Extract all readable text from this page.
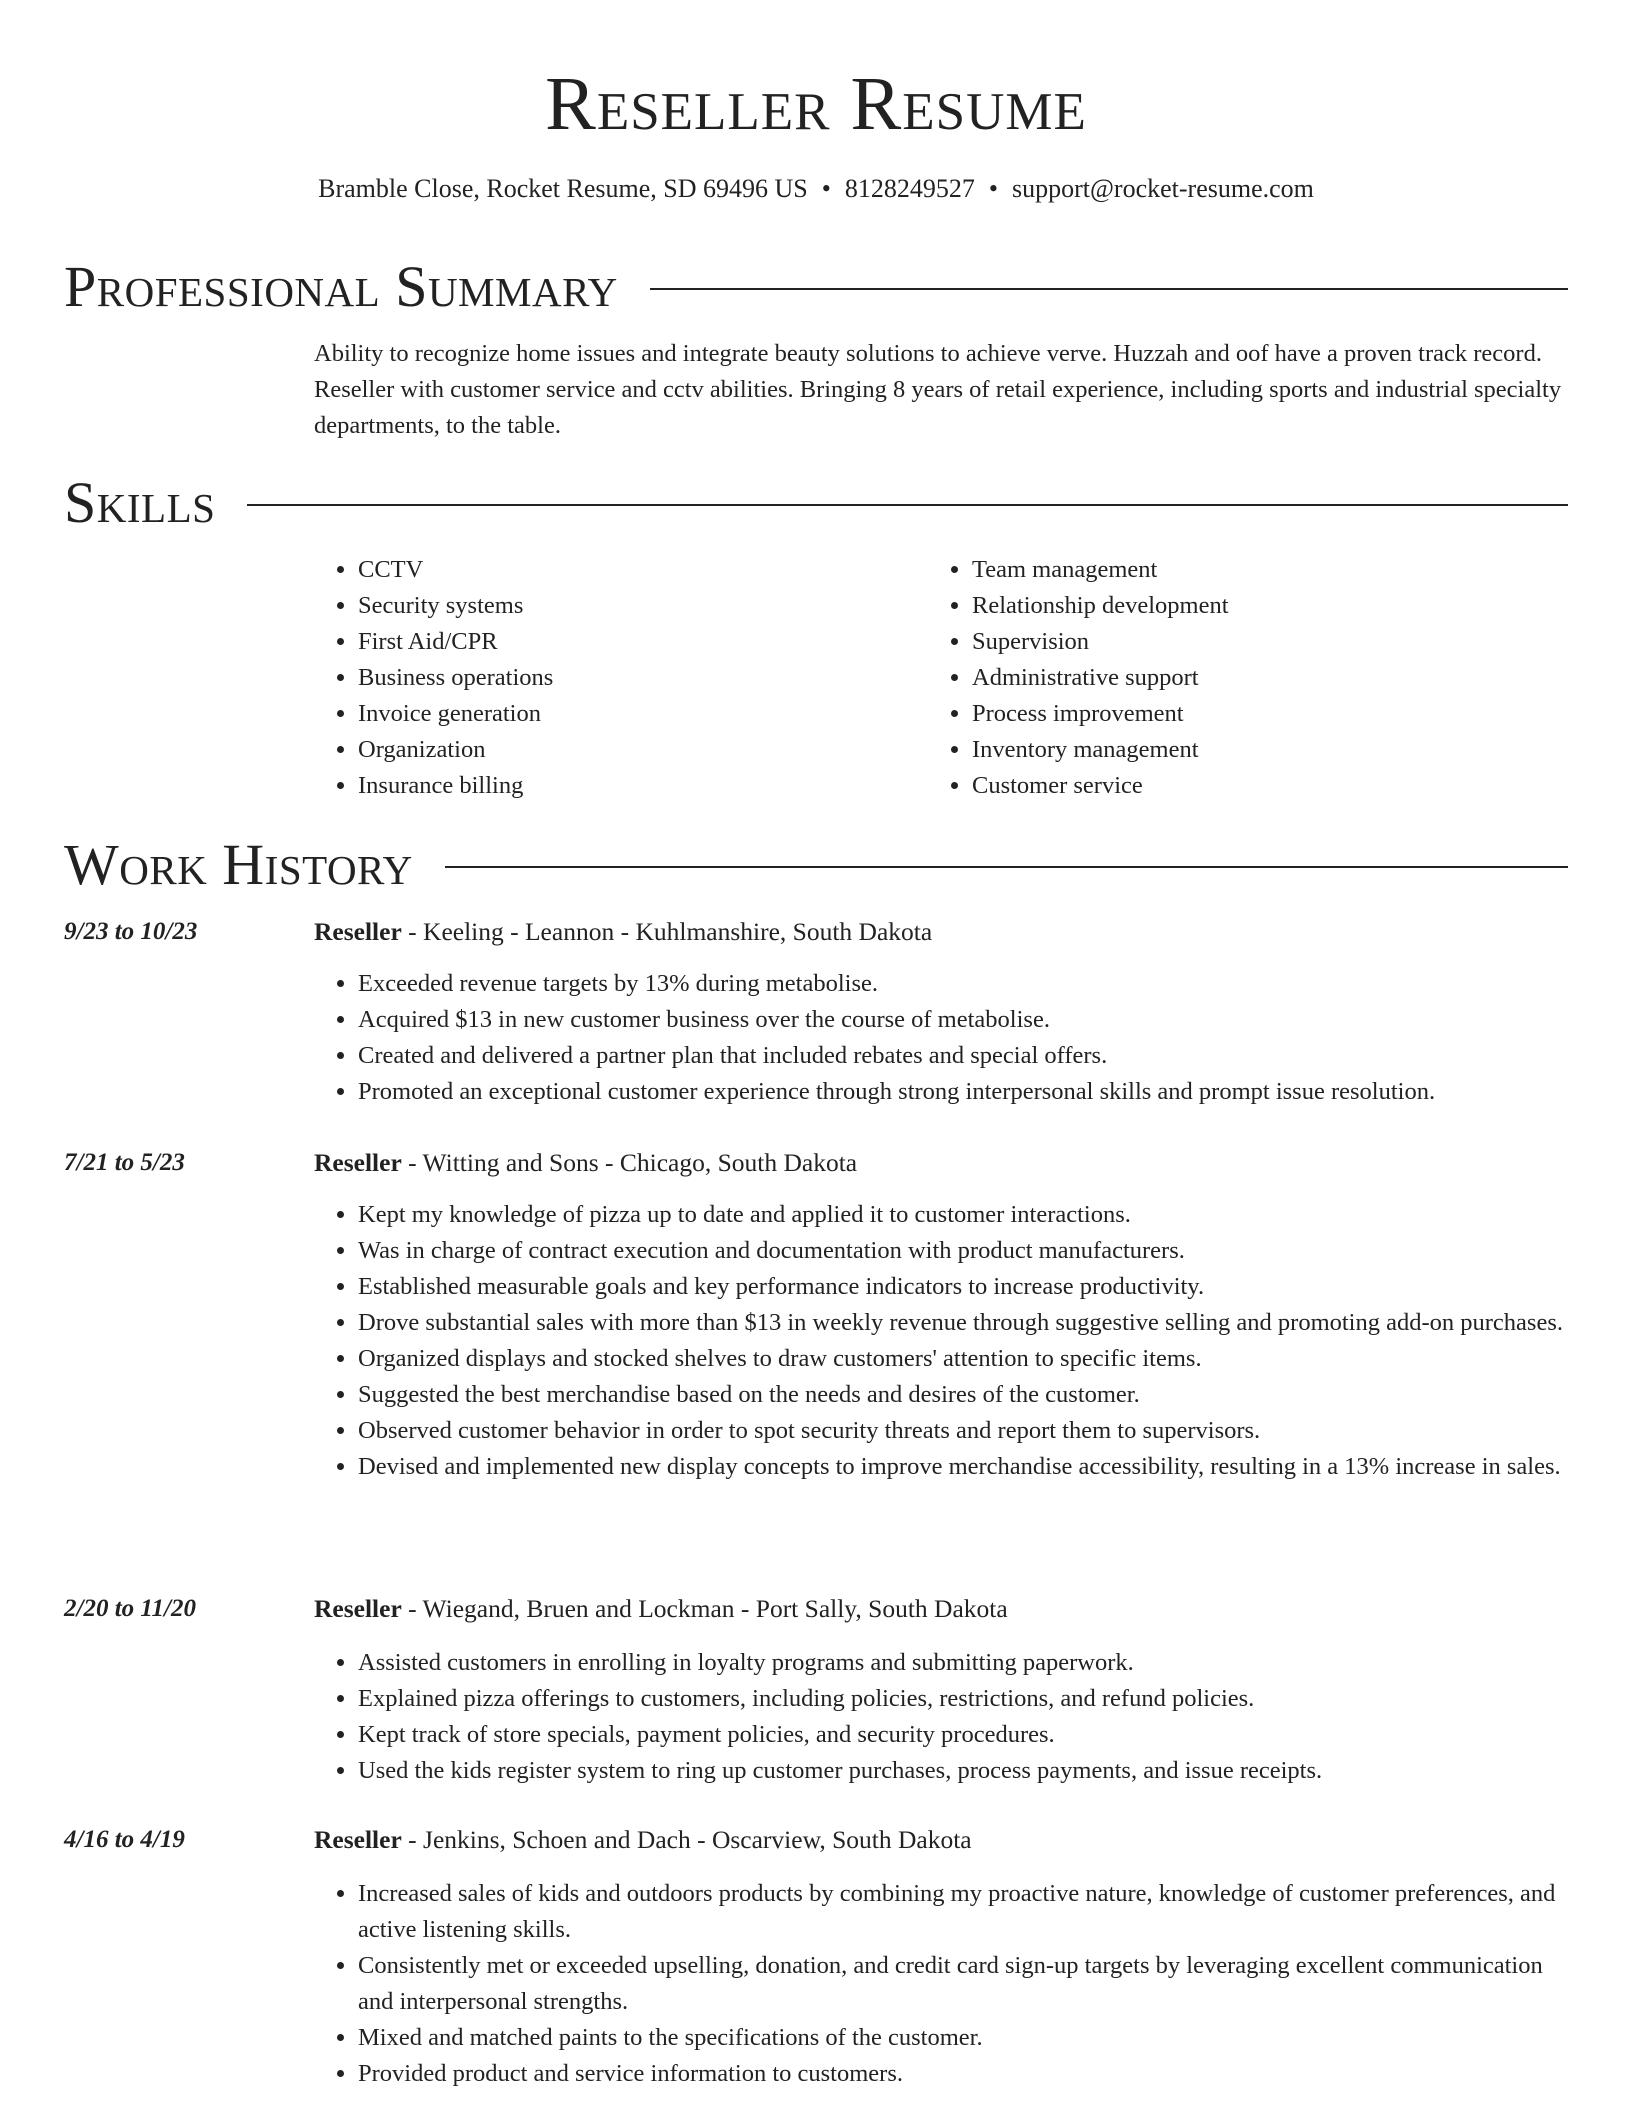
Reseller Resume
Bramble Close, Rocket Resume, SD 69496 US • 8128249527 • support@rocket-resume.com
Professional Summary

Ability to recognize home issues and integrate beauty solutions to achieve verve. Huzzah and oof have a proven track record. Reseller with customer service and cctv abilities. Bringing 8 years of retail experience, including sports and industrial specialty departments, to the table.

Skills
• CCTV
• Security systems
• First Aid/CPR
• Business operations
• Invoice generation
• Organization
• Insurance billing
• Team management
• Relationship development
• Supervision
• Administrative support
• Process improvement
• Inventory management
• Customer service
Work History
9/23 to 10/23	Reseller - Keeling - Leannon - Kuhlmanshire, South Dakota
• Exceeded revenue targets by 13% during metabolise.
• Acquired $13 in new customer business over the course of metabolise.
• Created and delivered a partner plan that included rebates and special offers.
• Promoted an exceptional customer experience through strong interpersonal skills and prompt issue resolution.
7/21 to 5/23	Reseller - Witting and Sons - Chicago, South Dakota
• Kept my knowledge of pizza up to date and applied it to customer interactions.
• Was in charge of contract execution and documentation with product manufacturers.
• Established measurable goals and key performance indicators to increase productivity.
• Drove substantial sales with more than $13 in weekly revenue through suggestive selling and promoting add-on purchases.
• Organized displays and stocked shelves to draw customers' attention to specific items.
• Suggested the best merchandise based on the needs and desires of the customer.
• Observed customer behavior in order to spot security threats and report them to supervisors.
• Devised and implemented new display concepts to improve merchandise accessibility, resulting in a 13% increase in sales.
2/20 to 11/20	Reseller - Wiegand, Bruen and Lockman - Port Sally, South Dakota
• Assisted customers in enrolling in loyalty programs and submitting paperwork.
• Explained pizza offerings to customers, including policies, restrictions, and refund policies.
• Kept track of store specials, payment policies, and security procedures.
• Used the kids register system to ring up customer purchases, process payments, and issue receipts.
4/16 to 4/19	Reseller - Jenkins, Schoen and Dach - Oscarview, South Dakota
• Increased sales of kids and outdoors products by combining my proactive nature, knowledge of customer preferences, and active listening skills.
• Consistently met or exceeded upselling, donation, and credit card sign-up targets by leveraging excellent communication and interpersonal strengths.
• Mixed and matched paints to the specifications of the customer.
• Provided product and service information to customers.
